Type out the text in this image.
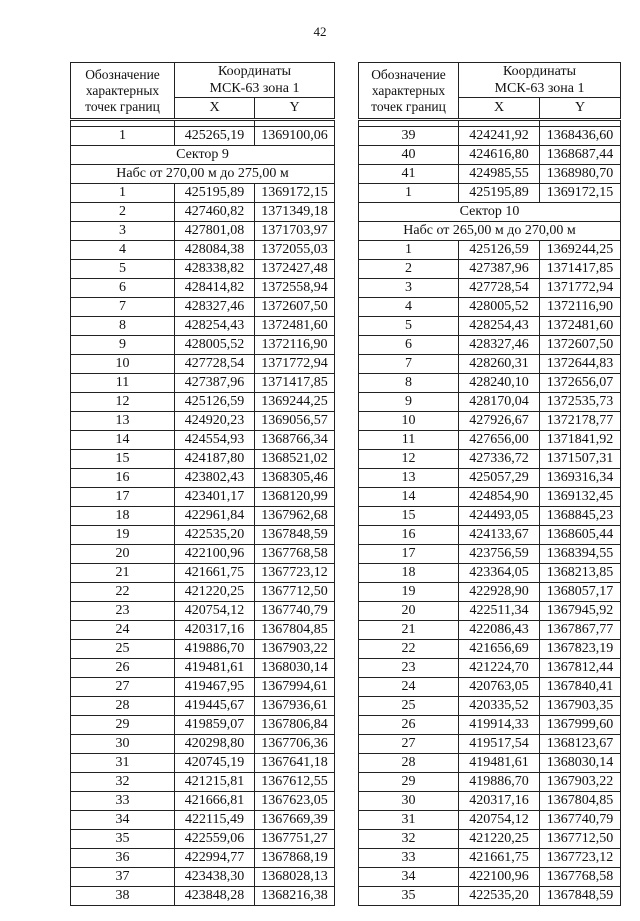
42
Обозначение характерных точек границ	Координаты
МСК-63 зона 1	
	X	Y

1	425265,19	1369100,06
Сектор 9		
Набс от 270,00 м до 275,00 м		
1	425195,89	1369172,15
2	427460,82	1371349,18
3	427801,08	1371703,97
4	428084,38	1372055,03
5	428338,82	1372427,48
6	428414,82	1372558,94
7	428327,46	1372607,50
8	428254,43	1372481,60
9	428005,52	1372116,90
10	427728,54	1371772,94
11	427387,96	1371417,85
12	425126,59	1369244,25
13	424920,23	1369056,57
14	424554,93	1368766,34
15	424187,80	1368521,02
16	423802,43	1368305,46
17	423401,17	1368120,99
18	422961,84	1367962,68
19	422535,20	1367848,59
20	422100,96	1367768,58
21	421661,75	1367723,12
22	421220,25	1367712,50
23	420754,12	1367740,79
24	420317,16	1367804,85
25	419886,70	1367903,22
26	419481,61	1368030,14
27	419467,95	1367994,61
28	419445,67	1367936,61
29	419859,07	1367806,84
30	420298,80	1367706,36
31	420745,19	1367641,18
32	421215,81	1367612,55
33	421666,81	1367623,05
34	422115,49	1367669,39
35	422559,06	1367751,27
36	422994,77	1367868,19
37	423438,30	1368028,13
38	423848,28	1368216,38
Обозначение характерных точек границ	Координаты
МСК-63 зона 1	
	X	Y

39	424241,92	1368436,60
40	424616,80	1368687,44
41	424985,55	1368980,70
1	425195,89	1369172,15
Сектор 10		
Набс от 265,00 м до 270,00 м		
1	425126,59	1369244,25
2	427387,96	1371417,85
3	427728,54	1371772,94
4	428005,52	1372116,90
5	428254,43	1372481,60
6	428327,46	1372607,50
7	428260,31	1372644,83
8	428240,10	1372656,07
9	428170,04	1372535,73
10	427926,67	1372178,77
11	427656,00	1371841,92
12	427336,72	1371507,31
13	425057,29	1369316,34
14	424854,90	1369132,45
15	424493,05	1368845,23
16	424133,67	1368605,44
17	423756,59	1368394,55
18	423364,05	1368213,85
19	422928,90	1368057,17
20	422511,34	1367945,92
21	422086,43	1367867,77
22	421656,69	1367823,19
23	421224,70	1367812,44
24	420763,05	1367840,41
25	420335,52	1367903,35
26	419914,33	1367999,60
27	419517,54	1368123,67
28	419481,61	1368030,14
29	419886,70	1367903,22
30	420317,16	1367804,85
31	420754,12	1367740,79
32	421220,25	1367712,50
33	421661,75	1367723,12
34	422100,96	1367768,58
35	422535,20	1367848,59
